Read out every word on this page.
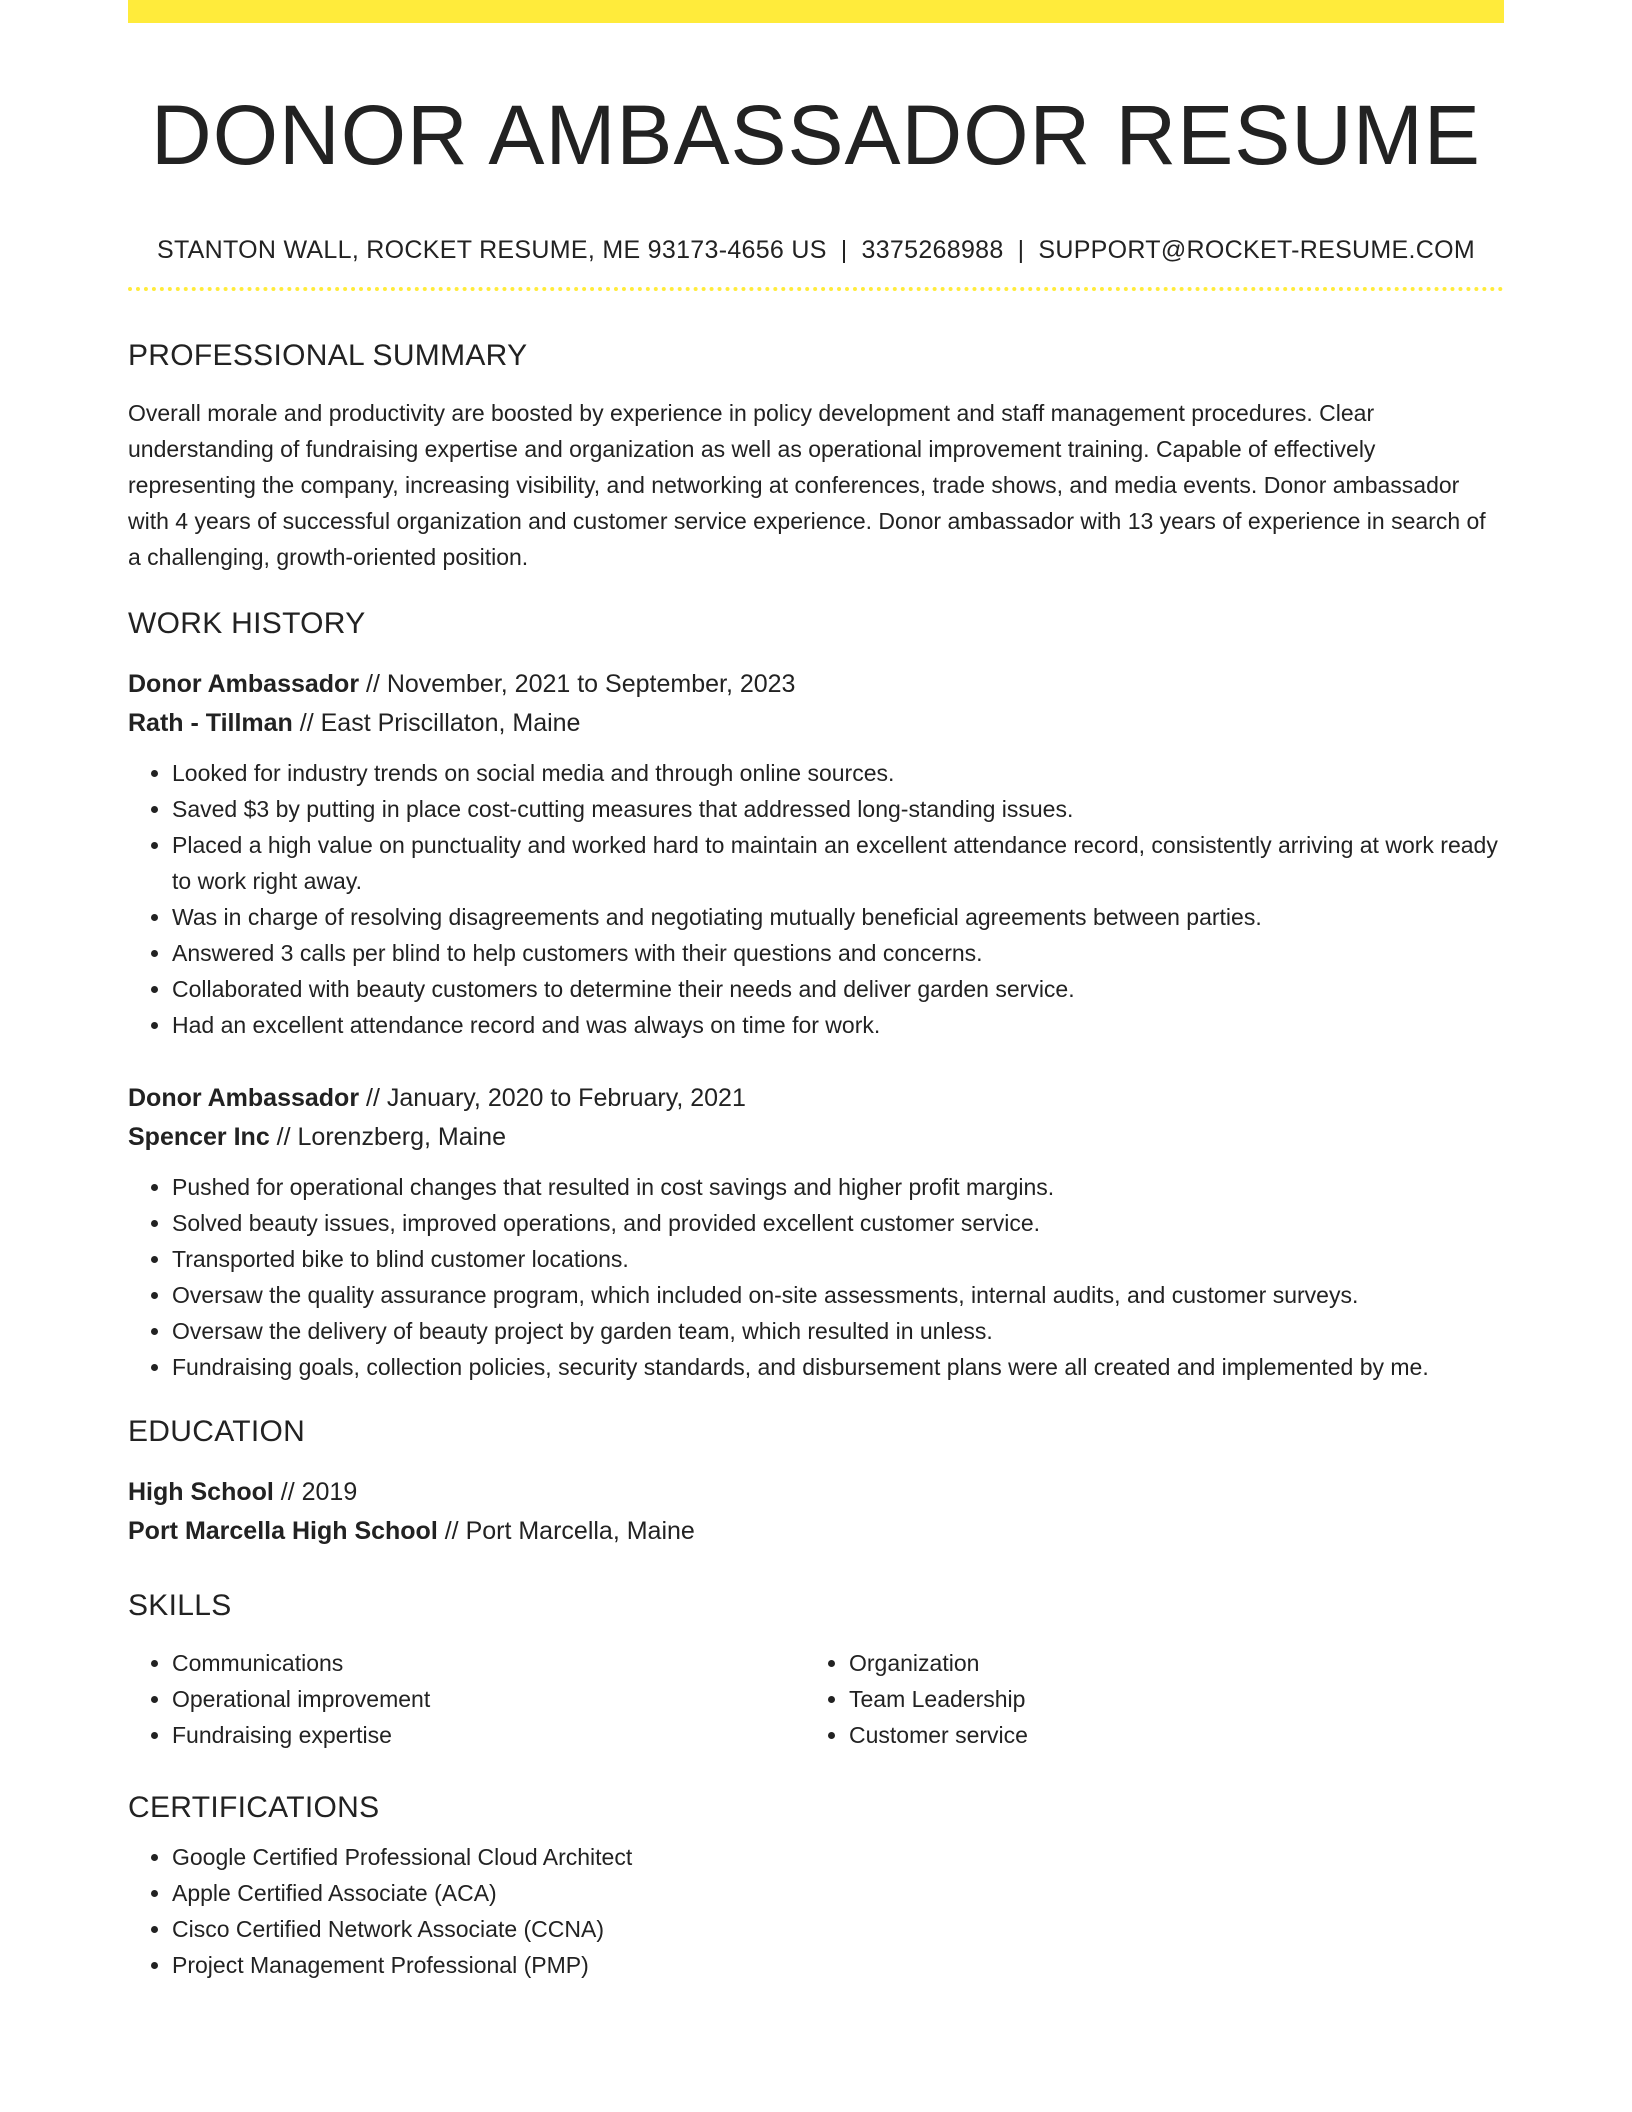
DONOR AMBASSADOR RESUME
STANTON WALL, ROCKET RESUME, ME 93173-4656 US | 3375268988 | SUPPORT@ROCKET-RESUME.COM
PROFESSIONAL SUMMARY

Overall morale and productivity are boosted by experience in policy development and staff management procedures. Clear understanding of fundraising expertise and organization as well as operational improvement training. Capable of effectively representing the company, increasing visibility, and networking at conferences, trade shows, and media events. Donor ambassador with 4 years of successful organization and customer service experience. Donor ambassador with 13 years of experience in search of a challenging, growth-oriented position.

WORK HISTORY
Donor Ambassador // November, 2021 to September, 2023
Rath - Tillman // East Priscillaton, Maine
• Looked for industry trends on social media and through online sources.
• Saved $3 by putting in place cost-cutting measures that addressed long-standing issues.
• Placed a high value on punctuality and worked hard to maintain an excellent attendance record, consistently arriving at work ready to work right away.
• Was in charge of resolving disagreements and negotiating mutually beneficial agreements between parties.
• Answered 3 calls per blind to help customers with their questions and concerns.
• Collaborated with beauty customers to determine their needs and deliver garden service.
• Had an excellent attendance record and was always on time for work.
Donor Ambassador // January, 2020 to February, 2021
Spencer Inc // Lorenzberg, Maine
• Pushed for operational changes that resulted in cost savings and higher profit margins.
• Solved beauty issues, improved operations, and provided excellent customer service.
• Transported bike to blind customer locations.
• Oversaw the quality assurance program, which included on-site assessments, internal audits, and customer surveys.
• Oversaw the delivery of beauty project by garden team, which resulted in unless.
• Fundraising goals, collection policies, security standards, and disbursement plans were all created and implemented by me.
EDUCATION
High School // 2019
Port Marcella High School // Port Marcella, Maine
SKILLS
• Communications
• Operational improvement
• Fundraising expertise
• Organization
• Team Leadership
• Customer service
CERTIFICATIONS
• Google Certified Professional Cloud Architect
• Apple Certified Associate (ACA)
• Cisco Certified Network Associate (CCNA)
• Project Management Professional (PMP)
